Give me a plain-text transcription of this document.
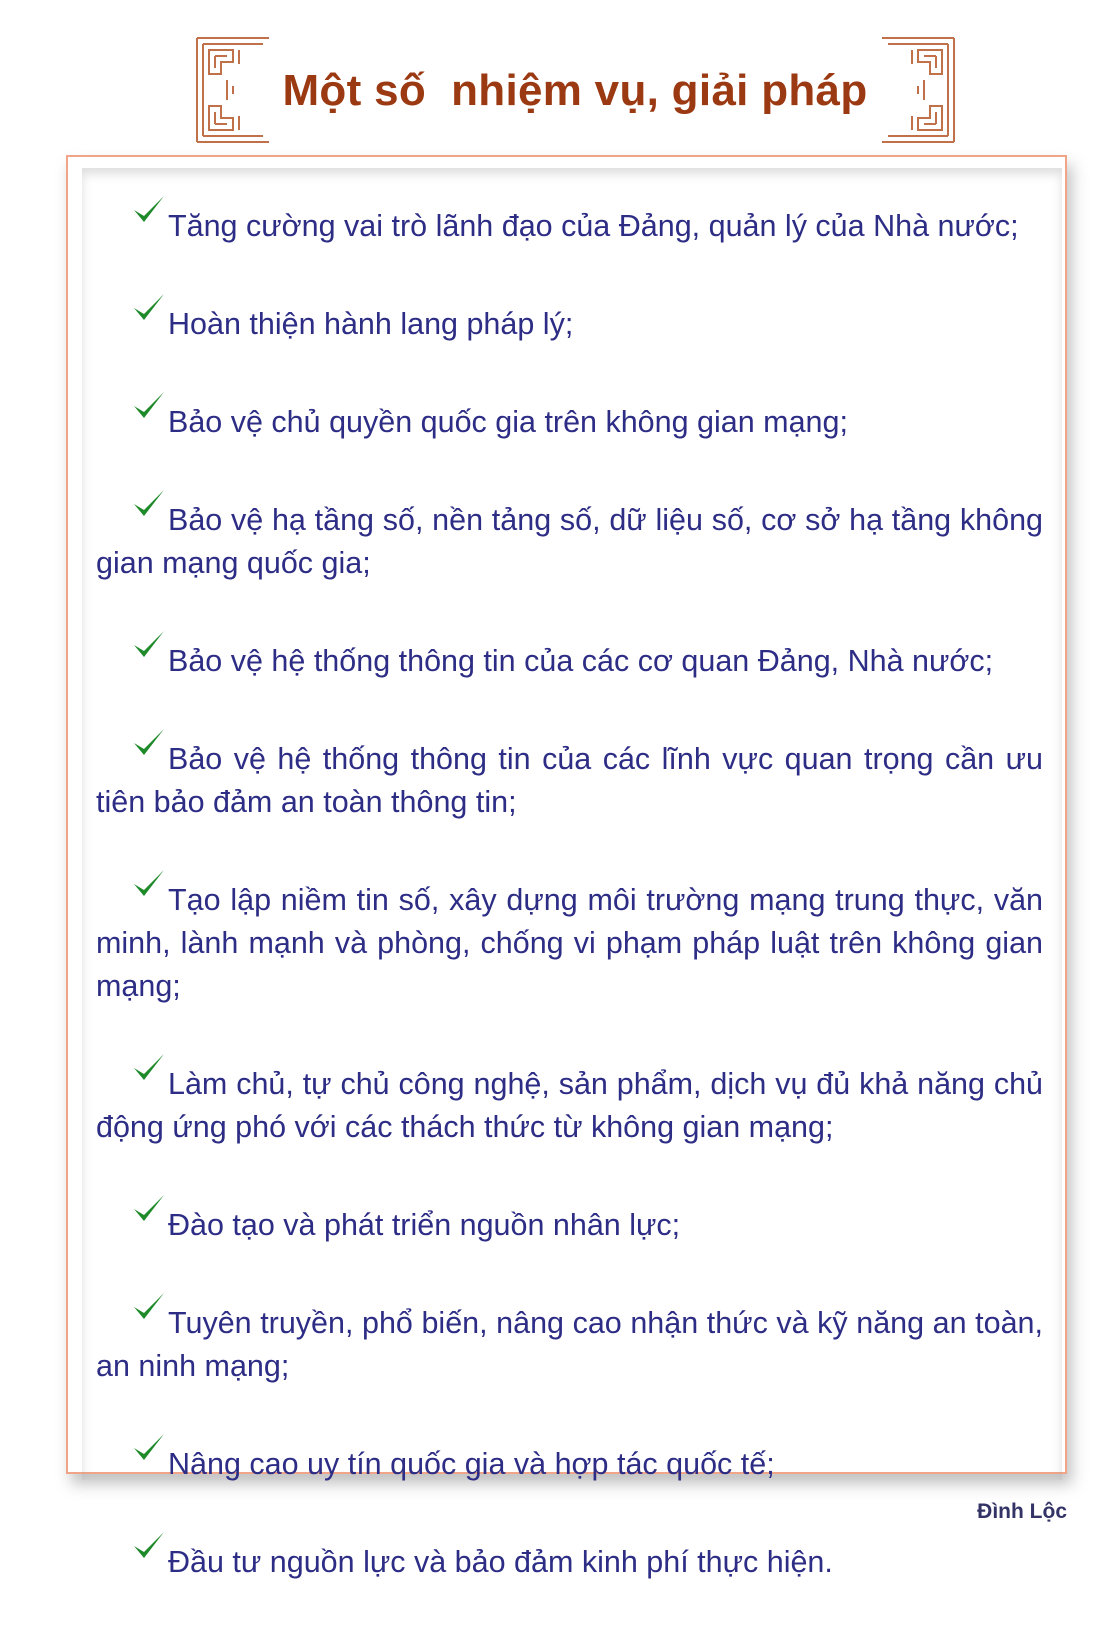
Một số  nhiệm vụ, giải pháp
Tăng cường vai trò lãnh đạo của Đảng, quản lý của Nhà nước;
Hoàn thiện hành lang pháp lý;
Bảo vệ chủ quyền quốc gia trên không gian mạng;
Bảo vệ hạ tầng số, nền tảng số, dữ liệu số, cơ sở hạ tầng không gian mạng quốc gia;
Bảo vệ hệ thống thông tin của các cơ quan Đảng, Nhà nước;
Bảo vệ hệ thống thông tin của các lĩnh vực quan trọng cần ưu tiên bảo đảm an toàn thông tin;
Tạo lập niềm tin số, xây dựng môi trường mạng trung thực, văn minh, lành mạnh và phòng, chống vi phạm pháp luật trên không gian mạng;
Làm chủ, tự chủ công nghệ, sản phẩm, dịch vụ đủ khả năng chủ động ứng phó với các thách thức từ không gian mạng;
Đào tạo và phát triển nguồn nhân lực;
Tuyên truyền, phổ biến, nâng cao nhận thức và kỹ năng an toàn, an ninh mạng;
Nâng cao uy tín quốc gia và hợp tác quốc tế;
Đầu tư nguồn lực và bảo đảm kinh phí thực hiện.
Đình Lộc
